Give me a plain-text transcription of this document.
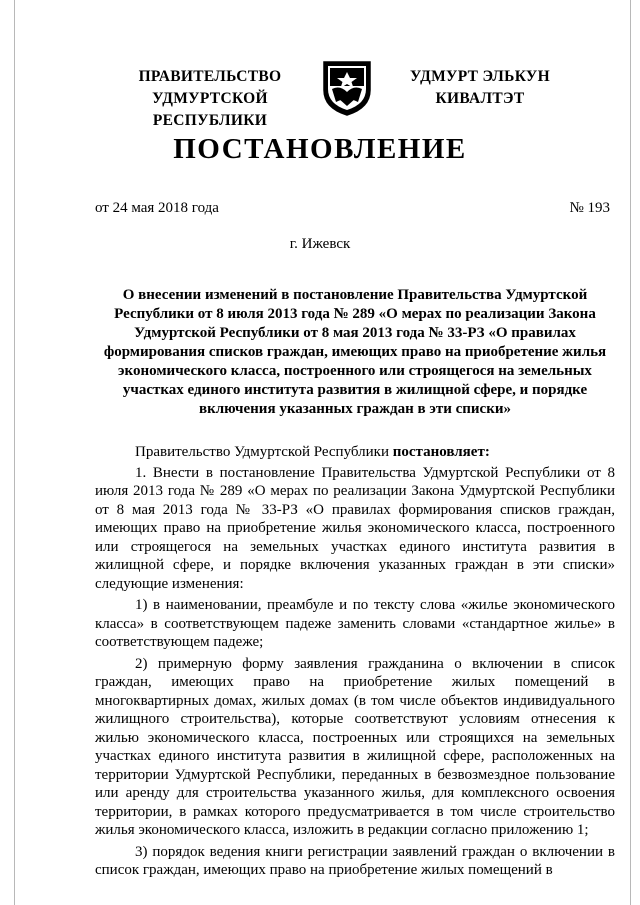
ПРАВИТЕЛЬСТВО
УДМУРТСКОЙ РЕСПУБЛИКИ
УДМУРТ ЭЛЬКУН
КИВАЛТЭТ
ПОСТАНОВЛЕНИЕ
от 24 мая 2018 года	№ 193
г. Ижевск
О внесении изменений в постановление Правительства Удмуртской Республики от 8 июля 2013 года № 289 «О мерах по реализации Закона Удмуртской Республики от 8 мая 2013 года № 33-РЗ «О правилах формирования списков граждан, имеющих право на приобретение жилья экономического класса, построенного или строящегося на земельных участках единого института развития в жилищной сфере, и порядке включения указанных граждан в эти списки»

Правительство Удмуртской Республики постановляет:

1. Внести в постановление Правительства Удмуртской Республики от 8 июля 2013 года № 289 «О мерах по реализации Закона Удмуртской Республики от 8 мая 2013 года № 33-РЗ «О правилах формирования списков граждан, имеющих право на приобретение жилья экономического класса, построенного или строящегося на земельных участках единого института развития в жилищной сфере, и порядке включения указанных граждан в эти списки» следующие изменения:

1) в наименовании, преамбуле и по тексту слова «жилье экономического класса» в соответствующем падеже заменить словами «стандартное жилье» в соответствующем падеже;

2) примерную форму заявления гражданина о включении в список граждан, имеющих право на приобретение жилых помещений в многоквартирных домах, жилых домах (в том числе объектов индивидуального жилищного строительства), которые соответствуют условиям отнесения к жилью экономического класса, построенных или строящихся на земельных участках единого института развития в жилищной сфере, расположенных на территории Удмуртской Республики, переданных в безвозмездное пользование или аренду для строительства указанного жилья, для комплексного освоения территории, в рамках которого предусматривается в том числе строительство жилья экономического класса, изложить в редакции согласно приложению 1;

3) порядок ведения книги регистрации заявлений граждан о включении в список граждан, имеющих право на приобретение жилых помещений в
